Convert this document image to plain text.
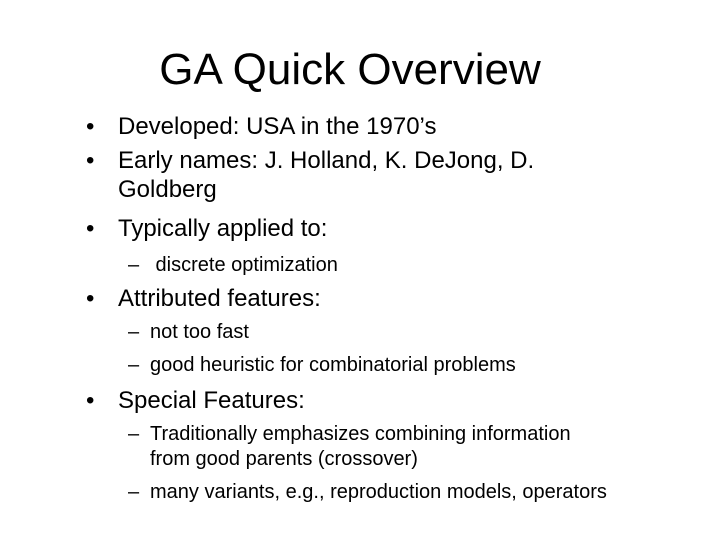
GA Quick Overview
• Developed: USA in the 1970’s
• Early names: J. Holland, K. DeJong, D.
Goldberg
• Typically applied to:
– discrete optimization
• Attributed features:
– not too fast
– good heuristic for combinatorial problems
• Special Features:
– Traditionally emphasizes combining information
from good parents (crossover)
– many variants, e.g., reproduction models, operators
